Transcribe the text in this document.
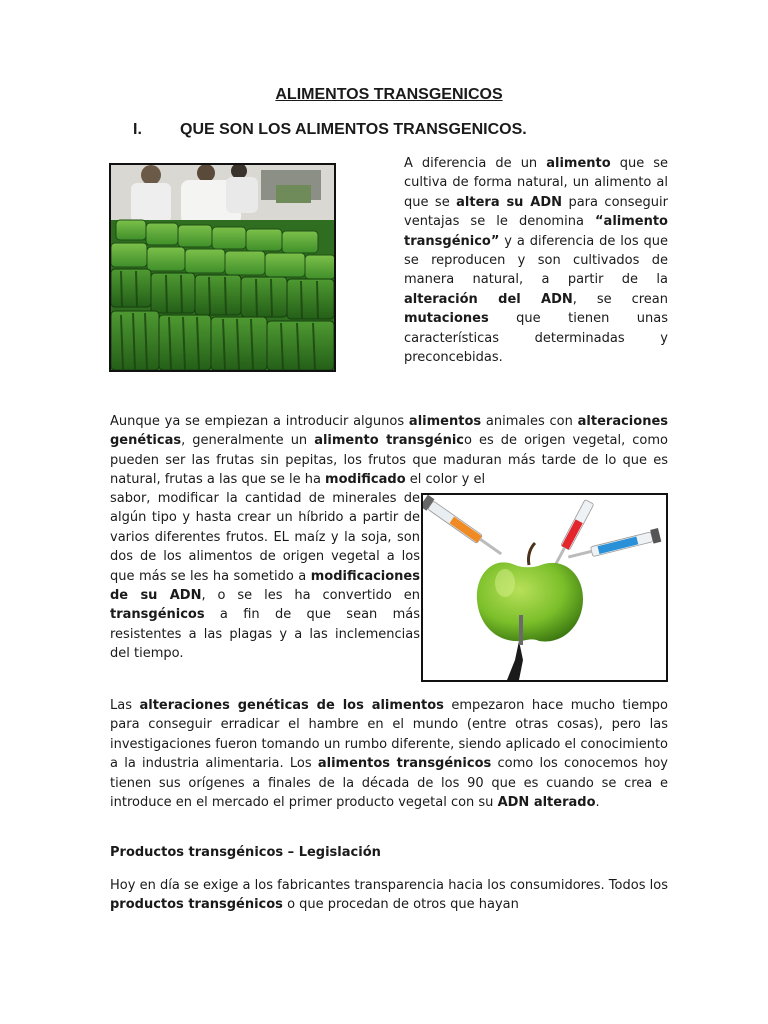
ALIMENTOS TRANSGENICOS
I. QUE SON LOS ALIMENTOS TRANSGENICOS.
A diferencia de un alimento que se cultiva de forma natural, un alimento al que se altera su ADN para conseguir ventajas se le denomina “alimento transgénico” y a diferencia de los que se reproducen y son cultivados de manera natural, a partir de la alteración del ADN, se crean mutaciones que tienen unas características determinadas y preconcebidas.
Aunque ya se empiezan a introducir algunos alimentos animales con alteraciones genéticas, generalmente un alimento transgénico es de origen vegetal, como pueden ser las frutas sin pepitas, los frutos que maduran más tarde de lo que es natural, frutas a las que se le ha modificado el color y el
sabor, modificar la cantidad de minerales de algún tipo y hasta crear un híbrido a partir de varios diferentes frutos. EL maíz y la soja, son dos de los alimentos de origen vegetal a los que más se les ha sometido a modificaciones de su ADN, o se les ha convertido en transgénicos a fin de que sean más resistentes a las plagas y a las inclemencias del tiempo.
Las alteraciones genéticas de los alimentos empezaron hace mucho tiempo para conseguir erradicar el hambre en el mundo (entre otras cosas), pero las investigaciones fueron tomando un rumbo diferente, siendo aplicado el conocimiento a la industria alimentaria. Los alimentos transgénicos como los conocemos hoy tienen sus orígenes a finales de la década de los 90 que es cuando se crea e introduce en el mercado el primer producto vegetal con su ADN alterado.
Productos transgénicos – Legislación
Hoy en día se exige a los fabricantes transparencia hacia los consumidores. Todos los productos transgénicos o que procedan de otros que hayan
